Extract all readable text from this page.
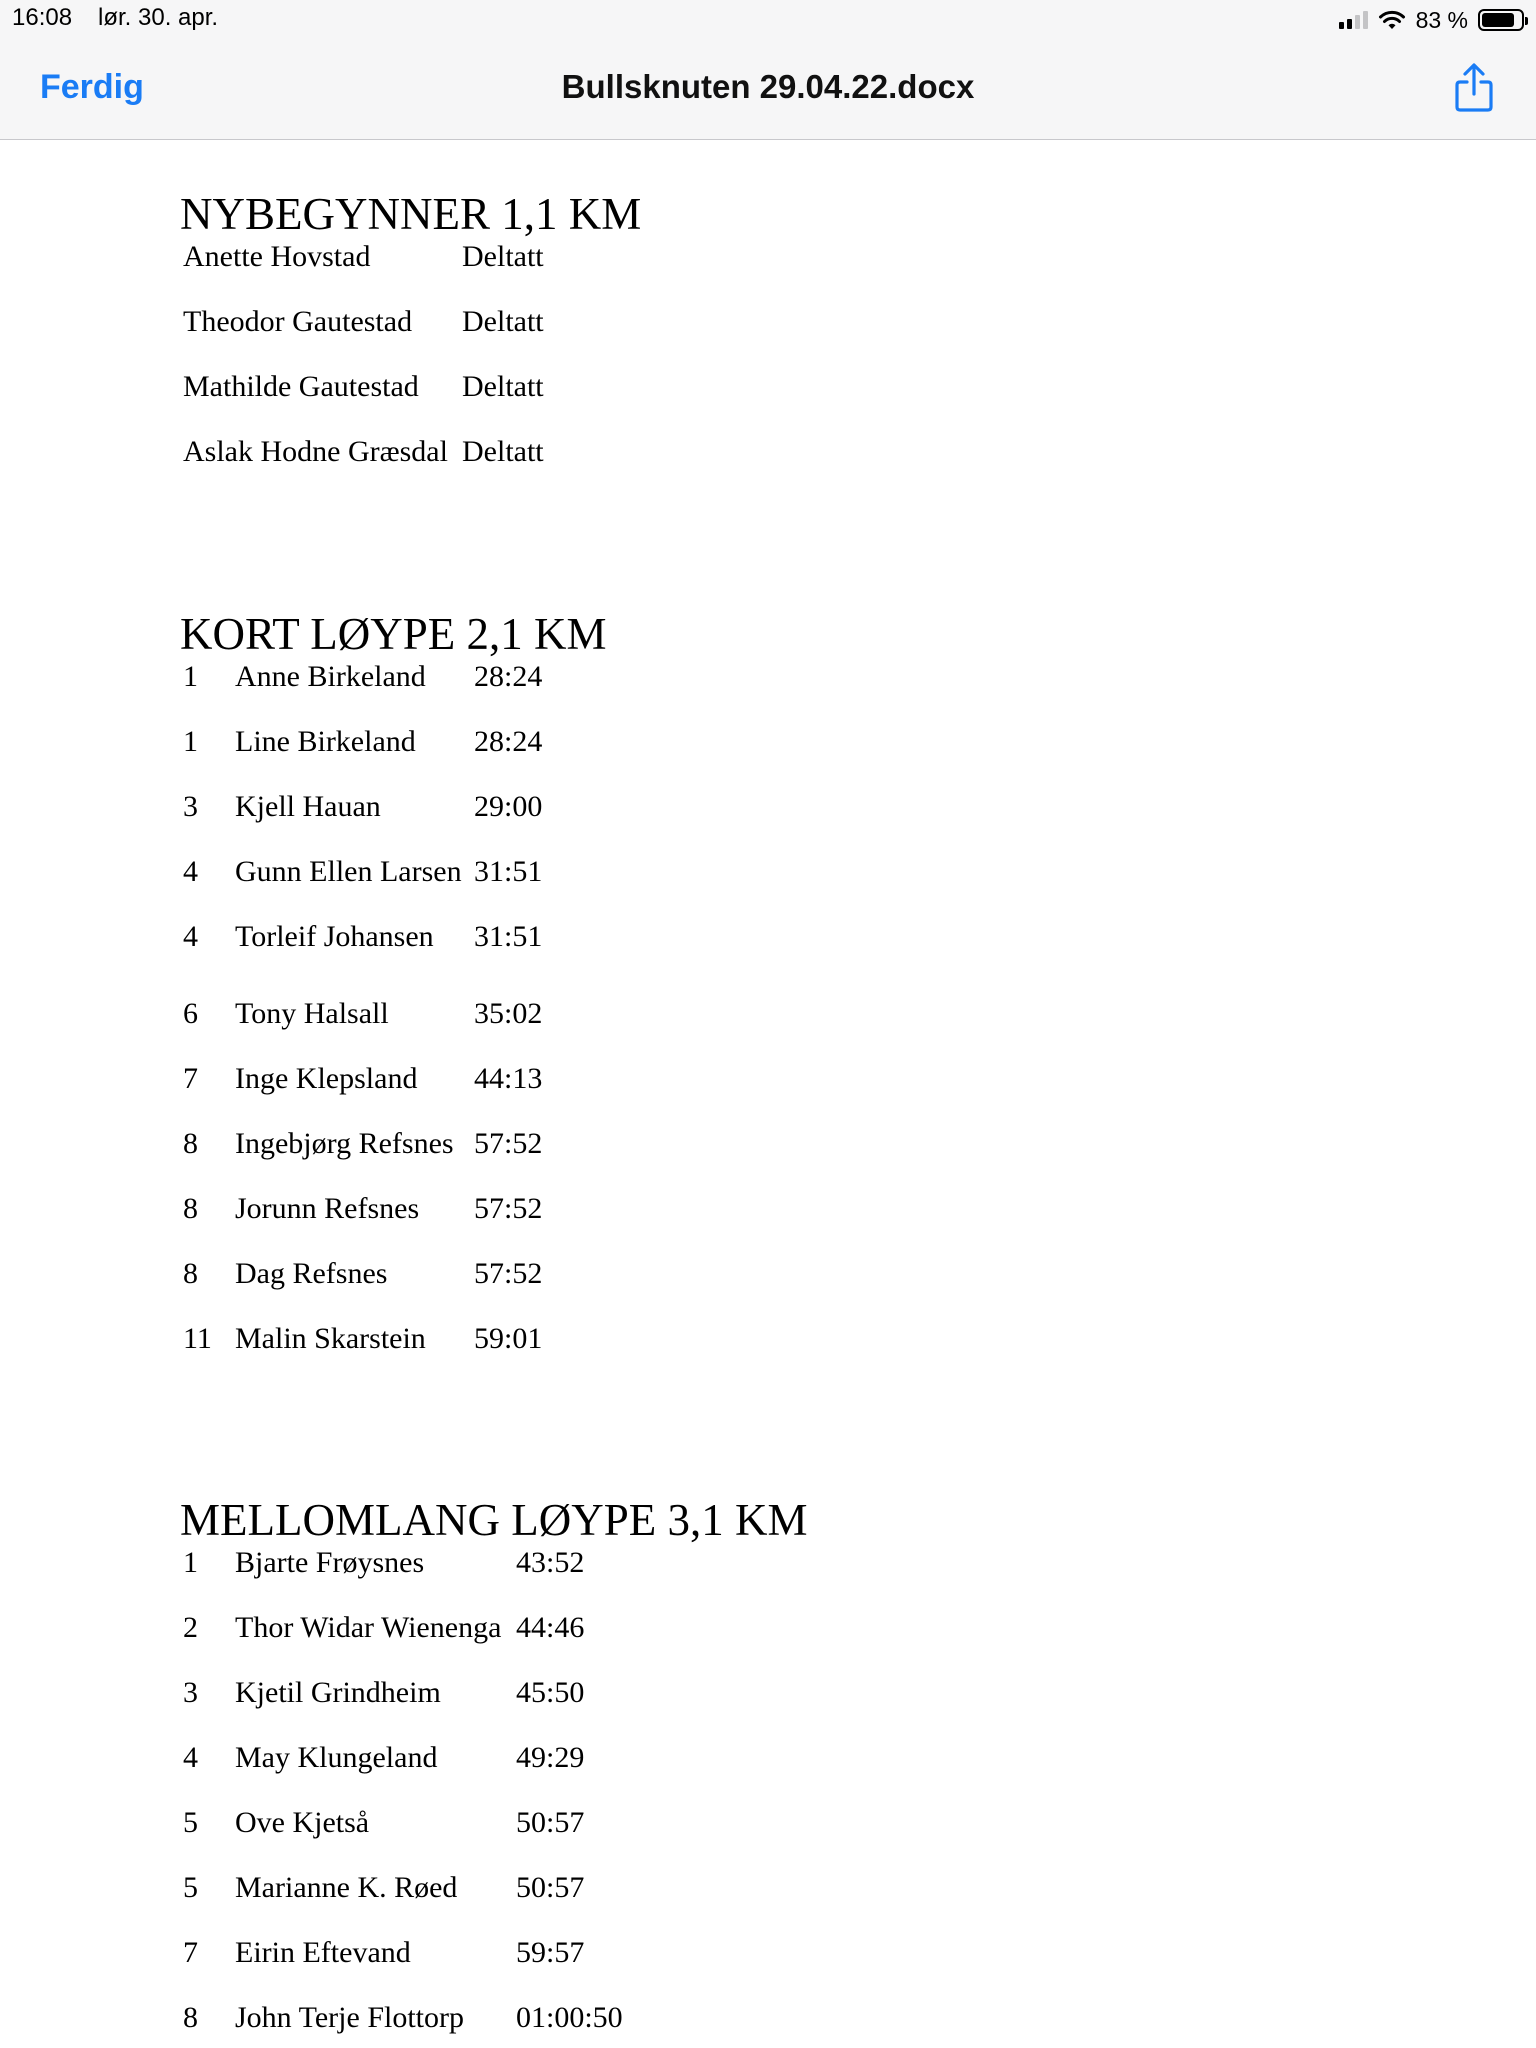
16:08 lør. 30. apr.	83 %
Ferdig	Bullsknuten 29.04.22.docx
NYBEGYNNER 1,1 KM
Anette Hovstad	Deltatt
Theodor Gautestad Deltatt
Mathilde Gautestad Deltatt
Aslak Hodne Græsdal Deltatt
KORT LØYPE 2,1 KM
1 Anne Birkeland 28:24
1 Line Birkeland 28:24
3 Kjell Hauan	29:00
4 Gunn Ellen Larsen 31:51
4 Torleif Johansen 31:51
6 Tony Halsall	35:02
7 Inge Klepsland 44:13
8 Ingebjørg Refsnes 57:52
8 Jorunn Refsnes 57:52
8 Dag Refsnes	57:52
11 Malin Skarstein 59:01
MELLOMLANG LØYPE 3,1 KM
1 Bjarte Frøysnes	43:52
2 Thor Widar Wienenga 44:46
3 Kjetil Grindheim	45:50
4 May Klungeland	49:29
5 Ove Kjetså	50:57
5 Marianne K. Røed 50:57
7 Eirin Eftevand	59:57
8 John Terje Flottorp 01:00:50
